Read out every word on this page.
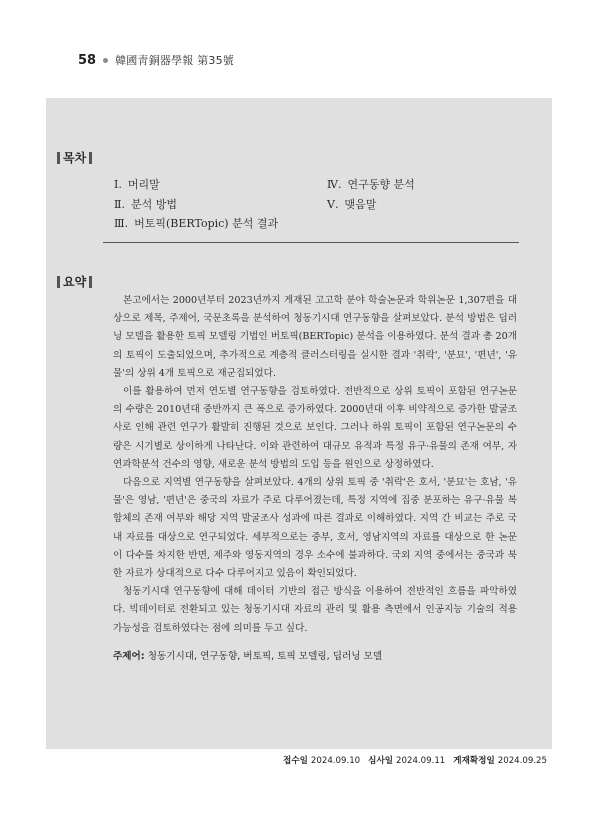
58 韓國靑銅器學報 第35號
목차
Ⅰ. 머리말
Ⅱ. 분석 방법
Ⅲ. 버토픽(BERTopic) 분석 결과
Ⅳ. 연구동향 분석
Ⅴ. 맺음말
요약

본고에서는 2000년부터 2023년까지 게재된 고고학 분야 학술논문과 학위논문 1,307편을 대상으로 제목, 주제어, 국문초록을 분석하여 청동기시대 연구동향을 살펴보았다. 분석 방법은 딥러닝 모델을 활용한 토픽 모델링 기법인 버토픽(BERTopic) 분석을 이용하였다. 분석 결과 총 20개의 토픽이 도출되었으며, 추가적으로 계층적 클러스터링을 실시한 결과 '취락', '분묘', '편년', '유물'의 상위 4개 토픽으로 재군집되었다.

이를 활용하여 먼저 연도별 연구동향을 검토하였다. 전반적으로 상위 토픽이 포함된 연구논문의 수량은 2010년대 중반까지 큰 폭으로 증가하였다. 2000년대 이후 비약적으로 증가한 발굴조사로 인해 관련 연구가 활발히 진행된 것으로 보인다. 그러나 하위 토픽이 포함된 연구논문의 수량은 시기별로 상이하게 나타난다. 이와 관련하여 대규모 유적과 특정 유구·유물의 존재 여부, 자연과학분석 건수의 영향, 새로운 분석 방법의 도입 등을 원인으로 상정하였다.

다음으로 지역별 연구동향을 살펴보았다. 4개의 상위 토픽 중 '취락'은 호서, '분묘'는 호남, '유물'은 영남, '편년'은 중국의 자료가 주로 다루어졌는데, 특정 지역에 집중 분포하는 유구·유물 복합체의 존재 여부와 해당 지역 발굴조사 성과에 따른 결과로 이해하였다. 지역 간 비교는 주로 국내 자료를 대상으로 연구되었다. 세부적으로는 중부, 호서, 영남지역의 자료를 대상으로 한 논문이 다수를 차지한 반면, 제주와 영동지역의 경우 소수에 불과하다. 국외 지역 중에서는 중국과 북한 자료가 상대적으로 다수 다루어지고 있음이 확인되었다.

청동기시대 연구동향에 대해 데이터 기반의 접근 방식을 이용하여 전반적인 흐름을 파악하였다. 빅데이터로 전환되고 있는 청동기시대 자료의 관리 및 활용 측면에서 인공지능 기술의 적용 가능성을 검토하였다는 점에 의미를 두고 싶다.

주제어: 청동기시대, 연구동향, 버토픽, 토픽 모델링, 딥러닝 모델
접수일 2024.09.10 심사일 2024.09.11 게재확정일 2024.09.25
